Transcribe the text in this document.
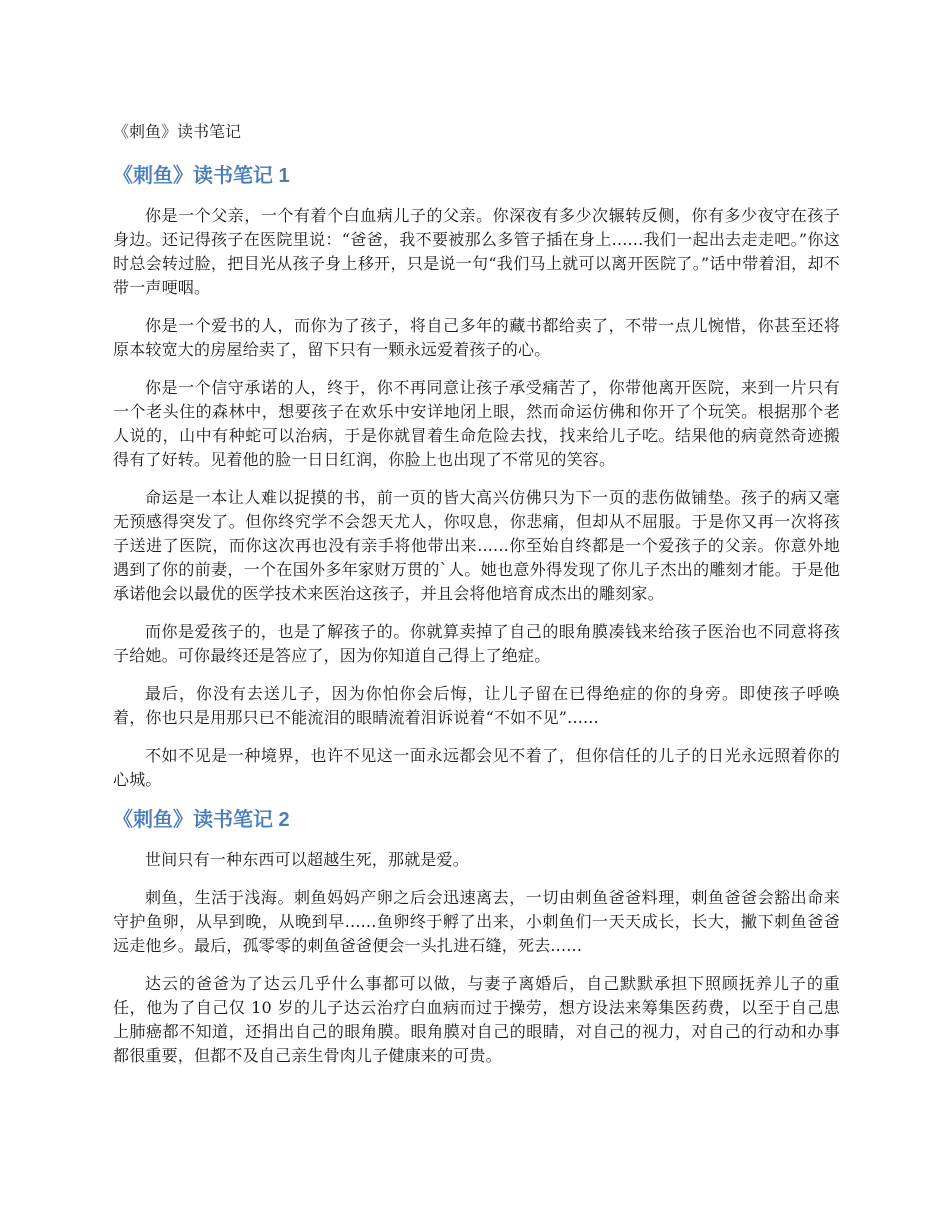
《刺鱼》读书笔记
《刺鱼》读书笔记 1

你是一个父亲，一个有着个白血病儿子的父亲。你深夜有多少次辗转反侧，你有多少夜守在孩子身边。还记得孩子在医院里说：“爸爸，我不要被那么多管子插在身上......我们一起出去走走吧。”你这时总会转过脸，把目光从孩子身上移开，只是说一句“我们马上就可以离开医院了。”话中带着泪，却不带一声哽咽。

你是一个爱书的人，而你为了孩子，将自己多年的藏书都给卖了，不带一点儿惋惜，你甚至还将原本较宽大的房屋给卖了，留下只有一颗永远爱着孩子的心。

你是一个信守承诺的人，终于，你不再同意让孩子承受痛苦了，你带他离开医院，来到一片只有一个老头住的森林中，想要孩子在欢乐中安详地闭上眼，然而命运仿佛和你开了个玩笑。根据那个老人说的，山中有种蛇可以治病，于是你就冒着生命危险去找，找来给儿子吃。结果他的病竟然奇迹搬得有了好转。见着他的脸一日日红润，你脸上也出现了不常见的笑容。

命运是一本让人难以捉摸的书，前一页的皆大高兴仿佛只为下一页的悲伤做铺垫。孩子的病又毫无预感得突发了。但你终究学不会怨天尤人，你叹息，你悲痛，但却从不屈服。于是你又再一次将孩子送进了医院，而你这次再也没有亲手将他带出来......你至始自终都是一个爱孩子的父亲。你意外地遇到了你的前妻，一个在国外多年家财万贯的`人。她也意外得发现了你儿子杰出的雕刻才能。于是他承诺他会以最优的医学技术来医治这孩子，并且会将他培育成杰出的雕刻家。

而你是爱孩子的，也是了解孩子的。你就算卖掉了自己的眼角膜凑钱来给孩子医治也不同意将孩子给她。可你最终还是答应了，因为你知道自己得上了绝症。

最后，你没有去送儿子，因为你怕你会后悔，让儿子留在已得绝症的你的身旁。即使孩子呼唤着，你也只是用那只已不能流泪的眼睛流着泪诉说着“不如不见”......

不如不见是一种境界，也许不见这一面永远都会见不着了，但你信任的儿子的日光永远照着你的心城。

《刺鱼》读书笔记 2

世间只有一种东西可以超越生死，那就是爱。

刺鱼，生活于浅海。刺鱼妈妈产卵之后会迅速离去，一切由刺鱼爸爸料理，刺鱼爸爸会豁出命来守护鱼卵，从早到晚，从晚到早......鱼卵终于孵了出来，小刺鱼们一天天成长，长大，撇下刺鱼爸爸远走他乡。最后，孤零零的刺鱼爸爸便会一头扎进石缝，死去......

达云的爸爸为了达云几乎什么事都可以做，与妻子离婚后，自己默默承担下照顾抚养儿子的重任，他为了自己仅 10 岁的儿子达云治疗白血病而过于操劳，想方设法来筹集医药费，以至于自己患上肺癌都不知道，还捐出自己的眼角膜。眼角膜对自己的眼睛，对自己的视力，对自己的行动和办事都很重要，但都不及自己亲生骨肉儿子健康来的可贵。
